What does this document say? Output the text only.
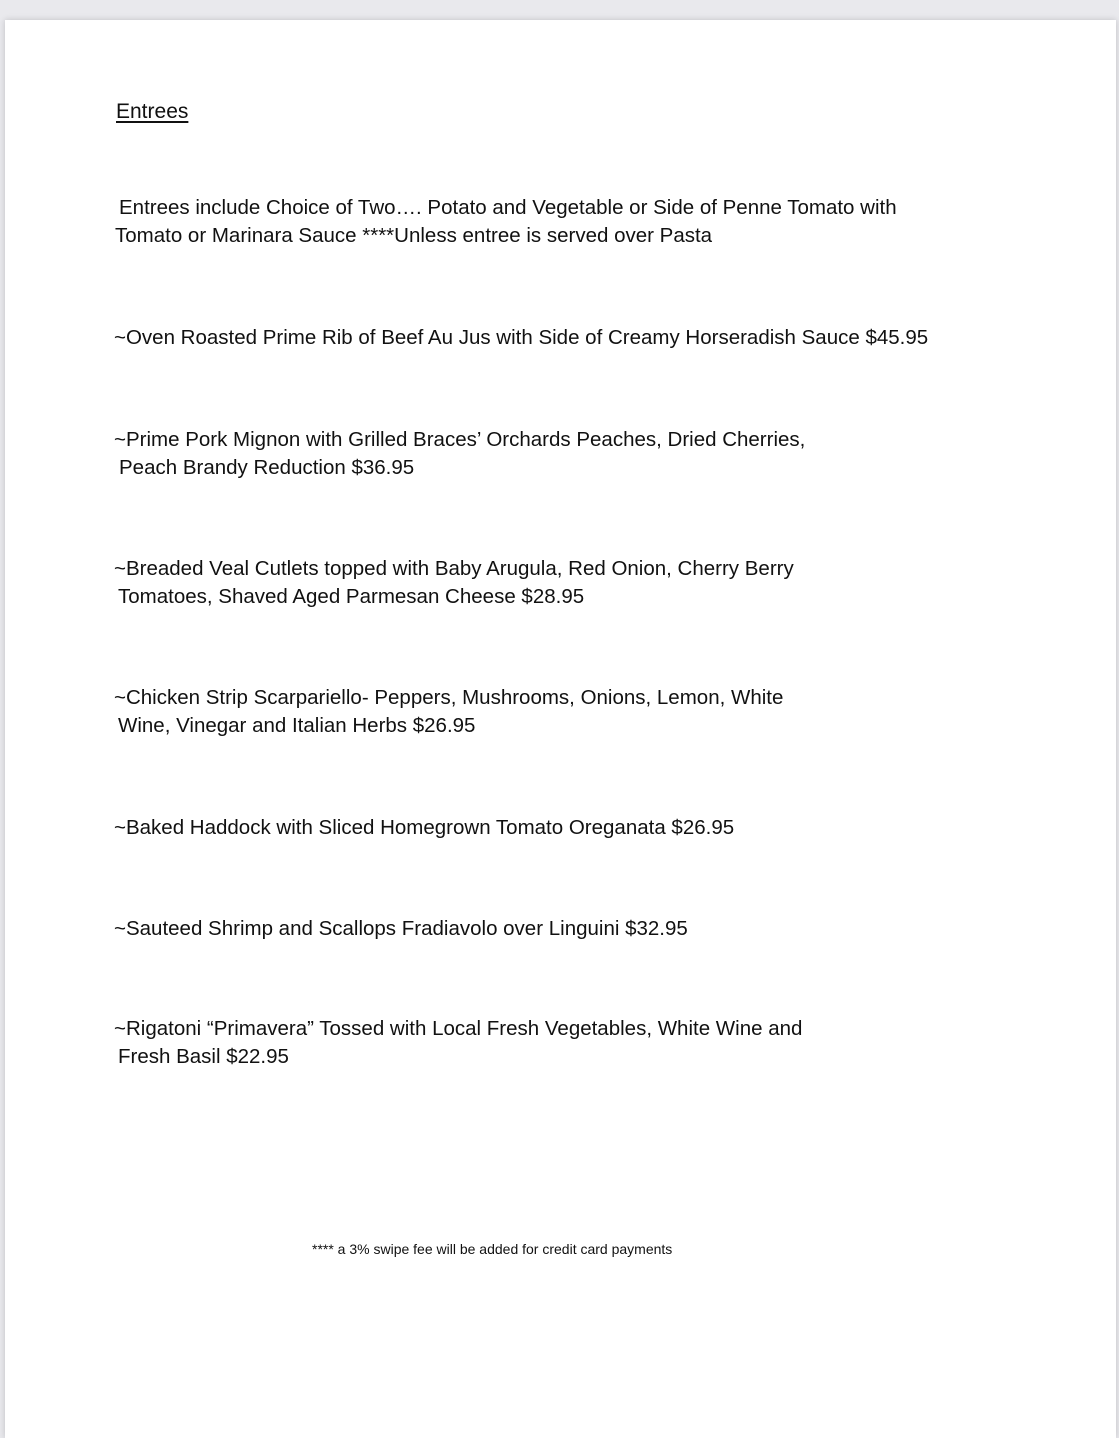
Entrees
Entrees include Choice of Two…. Potato and Vegetable or Side of Penne Tomato with
Tomato or Marinara Sauce ****Unless entree is served over Pasta
~Oven Roasted Prime Rib of Beef Au Jus with Side of Creamy Horseradish Sauce $45.95
~Prime Pork Mignon with Grilled Braces’ Orchards Peaches, Dried Cherries,
Peach Brandy Reduction $36.95
~Breaded Veal Cutlets topped with Baby Arugula, Red Onion, Cherry Berry
Tomatoes, Shaved Aged Parmesan Cheese $28.95
~Chicken Strip Scarpariello- Peppers, Mushrooms, Onions, Lemon, White
Wine, Vinegar and Italian Herbs $26.95
~Baked Haddock with Sliced Homegrown Tomato Oreganata $26.95
~Sauteed Shrimp and Scallops Fradiavolo over Linguini $32.95
~Rigatoni “Primavera” Tossed with Local Fresh Vegetables, White Wine and
Fresh Basil $22.95
**** a 3% swipe fee will be added for credit card payments
